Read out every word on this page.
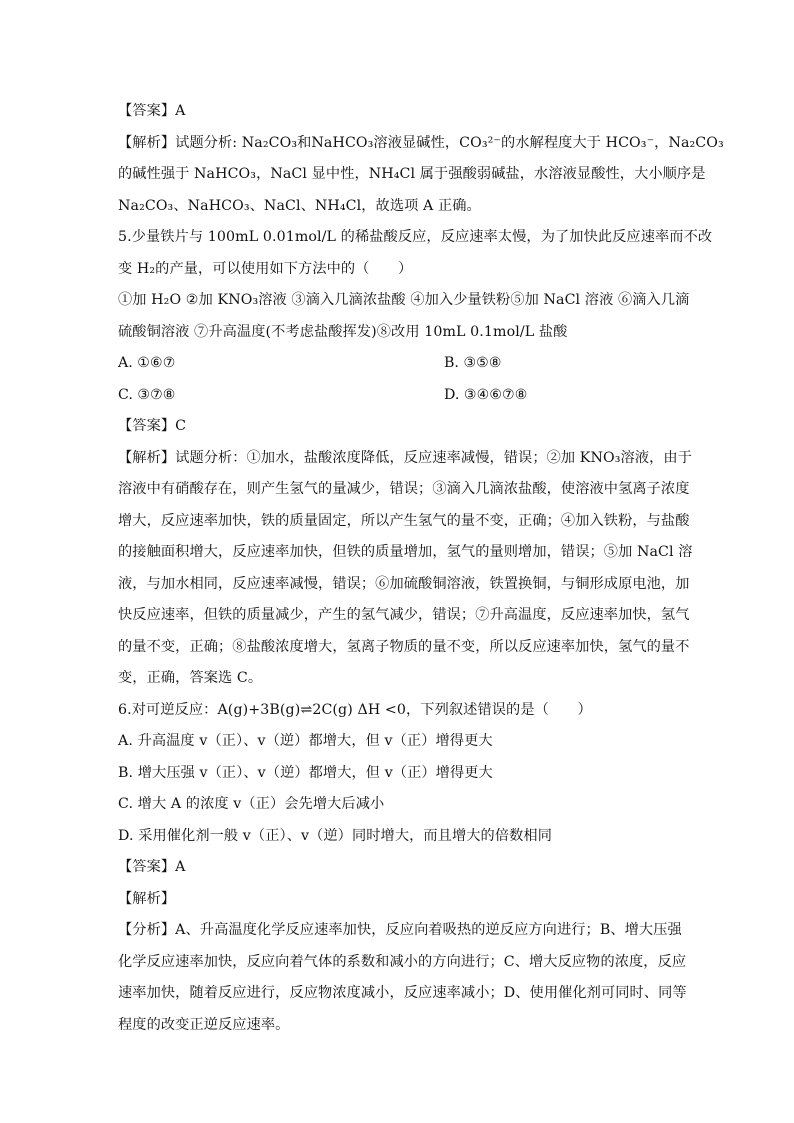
【答案】A
【解析】试题分析: Na₂CO₃和NaHCO₃溶液显碱性，CO₃²⁻的水解程度大于 HCO₃⁻，Na₂CO₃
的碱性强于 NaHCO₃，NaCl 显中性，NH₄Cl 属于强酸弱碱盐，水溶液显酸性，大小顺序是
Na₂CO₃、NaHCO₃、NaCl、NH₄Cl，故选项 A 正确。
5.少量铁片与 100mL 0.01mol/L 的稀盐酸反应，反应速率太慢，为了加快此反应速率而不改
变 H₂的产量，可以使用如下方法中的（　　）
①加 H₂O ②加 KNO₃溶液 ③滴入几滴浓盐酸 ④加入少量铁粉⑤加 NaCl 溶液 ⑥滴入几滴
硫酸铜溶液 ⑦升高温度(不考虑盐酸挥发)⑧改用 10mL 0.1mol/L 盐酸
A. ①⑥⑦	B. ③⑤⑧
C. ③⑦⑧	D. ③④⑥⑦⑧
【答案】C
【解析】试题分析：①加水，盐酸浓度降低，反应速率减慢，错误；②加 KNO₃溶液，由于
溶液中有硝酸存在，则产生氢气的量减少，错误；③滴入几滴浓盐酸，使溶液中氢离子浓度
增大，反应速率加快，铁的质量固定，所以产生氢气的量不变，正确；④加入铁粉，与盐酸
的接触面积增大，反应速率加快，但铁的质量增加，氢气的量则增加，错误；⑤加 NaCl 溶
液，与加水相同，反应速率减慢，错误；⑥加硫酸铜溶液，铁置换铜，与铜形成原电池，加
快反应速率，但铁的质量减少，产生的氢气减少，错误；⑦升高温度，反应速率加快，氢气
的量不变，正确；⑧盐酸浓度增大，氢离子物质的量不变，所以反应速率加快，氢气的量不
变，正确，答案选 C。
6.对可逆反应：A(g)+3B(g)⇌2C(g) ΔH <0，下列叙述错误的是（　　）
A. 升高温度 v（正）、v（逆）都增大，但 v（正）增得更大
B. 增大压强 v（正）、v（逆）都增大，但 v（正）增得更大
C. 增大 A 的浓度 v（正）会先增大后减小
D. 采用催化剂一般 v（正）、v（逆）同时增大，而且增大的倍数相同
【答案】A
【解析】
【分析】A、升高温度化学反应速率加快，反应向着吸热的逆反应方向进行；B、增大压强
化学反应速率加快，反应向着气体的系数和减小的方向进行；C、增大反应物的浓度，反应
速率加快，随着反应进行，反应物浓度减小，反应速率减小；D、使用催化剂可同时、同等
程度的改变正逆反应速率。
